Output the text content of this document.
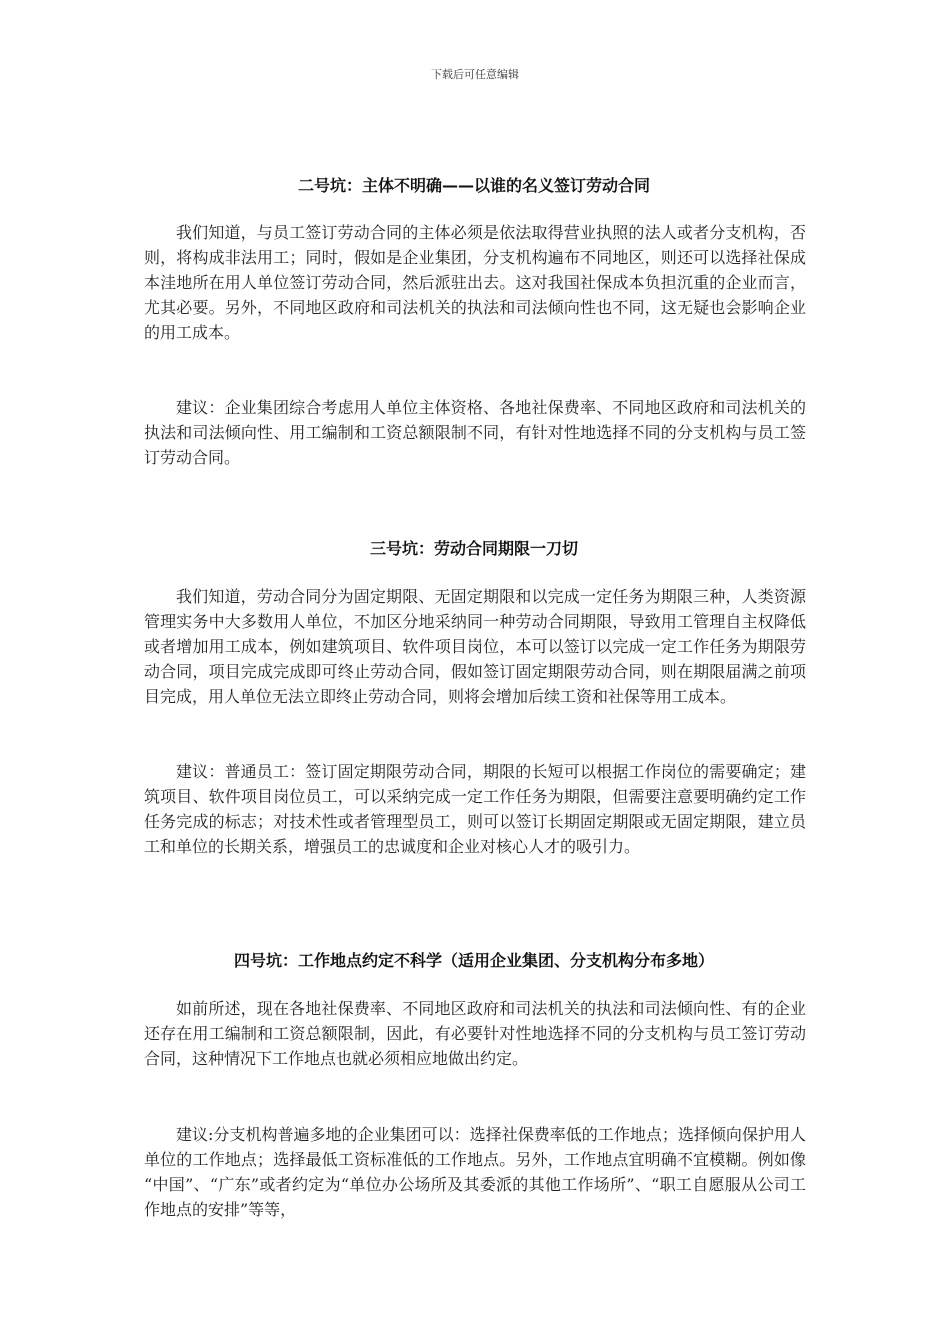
下载后可任意编辑
二号坑：主体不明确——以谁的名义签订劳动合同

我们知道，与员工签订劳动合同的主体必须是依法取得营业执照的法人或者分支机构，否则，将构成非法用工；同时，假如是企业集团，分支机构遍布不同地区，则还可以选择社保成本洼地所在用人单位签订劳动合同，然后派驻出去。这对我国社保成本负担沉重的企业而言，尤其必要。另外，不同地区政府和司法机关的执法和司法倾向性也不同，这无疑也会影响企业的用工成本。

建议：企业集团综合考虑用人单位主体资格、各地社保费率、不同地区政府和司法机关的执法和司法倾向性、用工编制和工资总额限制不同，有针对性地选择不同的分支机构与员工签订劳动合同。

三号坑：劳动合同期限一刀切

我们知道，劳动合同分为固定期限、无固定期限和以完成一定任务为期限三种，人类资源管理实务中大多数用人单位，不加区分地采纳同一种劳动合同期限，导致用工管理自主权降低或者增加用工成本，例如建筑项目、软件项目岗位，本可以签订以完成一定工作任务为期限劳动合同，项目完成完成即可终止劳动合同，假如签订固定期限劳动合同，则在期限届满之前项目完成，用人单位无法立即终止劳动合同，则将会增加后续工资和社保等用工成本。

建议：普通员工：签订固定期限劳动合同，期限的长短可以根据工作岗位的需要确定；建筑项目、软件项目岗位员工，可以采纳完成一定工作任务为期限，但需要注意要明确约定工作任务完成的标志；对技术性或者管理型员工，则可以签订长期固定期限或无固定期限，建立员工和单位的长期关系，增强员工的忠诚度和企业对核心人才的吸引力。

四号坑：工作地点约定不科学（适用企业集团、分支机构分布多地）

如前所述，现在各地社保费率、不同地区政府和司法机关的执法和司法倾向性、有的企业还存在用工编制和工资总额限制，因此，有必要针对性地选择不同的分支机构与员工签订劳动合同，这种情况下工作地点也就必须相应地做出约定。

建议:分支机构普遍多地的企业集团可以：选择社保费率低的工作地点；选择倾向保护用人单位的工作地点；选择最低工资标准低的工作地点。另外，工作地点宜明确不宜模糊。例如像 “中国”、“广东”或者约定为“单位办公场所及其委派的其他工作场所”、“职工自愿服从公司工作地点的安排”等等，
